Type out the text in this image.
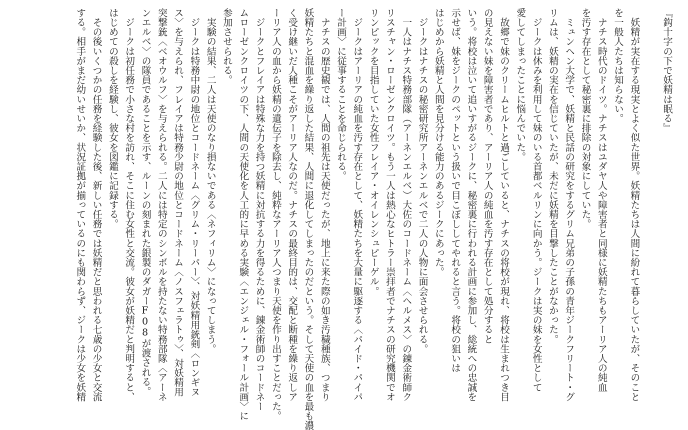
『鈎十字の下で妖精は眠る』

　妖精が実在する現実とよく似た世界。妖精たちは人間に紛れて暮らしていたが、そのこと
を一般人たちは知らない。
　ナチス時代のドイツ。ナチスはユダヤ人や障害者と同様に妖精たちもアーリア人の純血
を汚す存在として秘密裏に排除の対象にしていた。
　ミュンヘン大学で、妖精と民話の研究をするグリム兄弟の子孫の青年ジークフリート・グ
リムは、妖精の実在を信じていたが、未だに妖精を目撃したことがなかった。
　ジークは休みを利用して妹のいる首都ベルリンに向かう。ジークは実の妹を女性として
愛してしまったことに悩んでいた。
　故郷で妹のクリームヒルトと過ごしていると、ナチスの将校が現れ、将校は生まれつき目
の見えない妹を障害者であり、アーリア人の純血を汚す存在として処分すると
いう。将校は泣いて追いすがるジークに、秘密裏に行われる計画に参加し、総統への忠誠を
示せば、妹をジークのペットという扱いで目こぼししてやれると言う。将校の狙いは
はじめから妖精と人間を見分ける能力のあるジークにあった。
　ジークはナチスの秘密研究所アーネンエルベで二人の人物に面会させられる。
　一人はナチス特務部隊（アーネンエルベ）大佐のコードネーム〈ヘルメス〉の錬金術師ク
リスチャン・ローゼンクロイツ。もう一人は熱心なヒトラー崇拝者でナチスの研究機関でオ
リンピックを目指していた女性フレイア・オイレンシュピーゲル。
　ジークはアーリアの純血を汚す存在として、妖精たちを大量に駆逐する〈パイド・パイパ
ー計画〉に従事することを命じられる。
　ナチスの歴史観では、人間の祖先は天使だったが、地上に来た際の如き汚穢種族、つまり
妖精たちと混血を繰り返した結果、人間に退化してしまったのだという。そして天使の血を最も濃
く受け継いだ人種こそがアーリア人なのだ。ナチスの最終目的は、交配と断種を繰り返しア
ーリア人の血から妖精の遺伝子を除去し、純粋なアーリア人つまり天使を作り出すことだった。
　ジークとフレイアは特殊な力を持つ妖精に対抗する力を得るために、錬金術師のコードネー
ムローゼンクロイツの下、人間の天使化を人工的に早める実験〈エンジェル・フォール計画〉に
参加させられる。
　実験の結果、二人は天使のなり損ないである〈ネフィリム〉になってしまう。
　ジークは特務中尉の地位とコードネーム〈グリム・リーパー〉、対妖精用銃剣〈ロンギヌ
ス〉を与えられ、フレイアは特務少尉の地位とコードネーム〈ノスフェラトゥ〉、対妖精用
突撃銃〈ベオウルフ〉を与えられる。二人には特定のシンボルを持たない特務部隊〈アーネ
ンエルベ〉の隊員であることを示す、ルーンの刻まれた銀製のダガーF08が渡される。
　ジークは初任務で小さな村を訪れ、そこに住む女性と交流。彼女が妖精だと判明すると、
はじめての殺しを経験し、彼女を図鑑に記録する。
　その後いくつかの任務を経験した後、新しい任務では妖精だと思われる七歳の少女と交流
する。相手がまだ幼いせいか、状況証拠が揃っているのにも関わらず、ジークは少女を妖精
